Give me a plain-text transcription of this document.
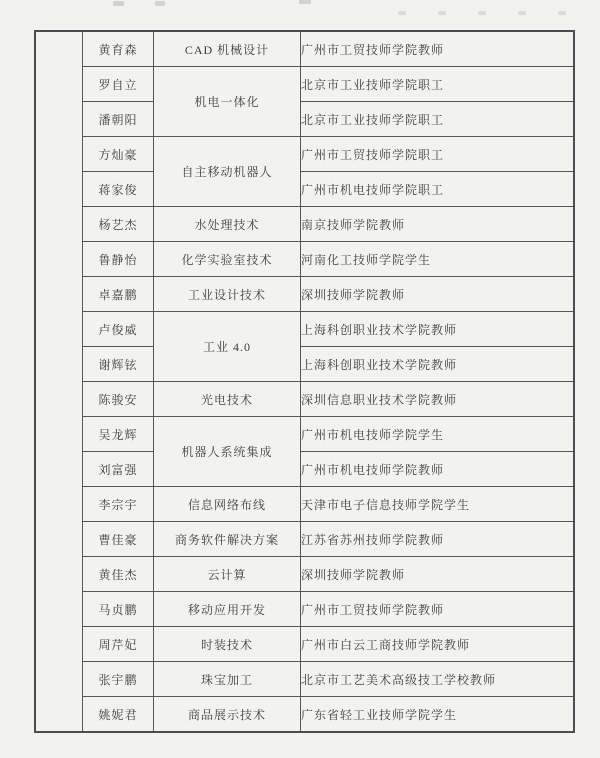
	黄育森	CAD 机械设计	广州市工贸技师学院教师
	罗自立	机电一体化	北京市工业技师学院职工
	潘朝阳		北京市工业技师学院职工
	方灿豪	自主移动机器人	广州市工贸技师学院职工
	蒋家俊		广州市机电技师学院职工
	杨艺杰	水处理技术	南京技师学院教师
	鲁静怡	化学实验室技术	河南化工技师学院学生
	卓嘉鹏	工业设计技术	深圳技师学院教师
	卢俊威	工业 4.0	上海科创职业技术学院教师
	谢辉铉		上海科创职业技术学院教师
	陈骏安	光电技术	深圳信息职业技术学院教师
	吴龙辉	机器人系统集成	广州市机电技师学院学生
	刘富强		广州市机电技师学院教师
	李宗宇	信息网络布线	天津市电子信息技师学院学生
	曹佳豪	商务软件解决方案	江苏省苏州技师学院教师
	黄佳杰	云计算	深圳技师学院教师
	马贞鹏	移动应用开发	广州市工贸技师学院教师
	周芹妃	时装技术	广州市白云工商技师学院教师
	张宇鹏	珠宝加工	北京市工艺美术高级技工学校教师
	姚妮君	商品展示技术	广东省轻工业技师学院学生
